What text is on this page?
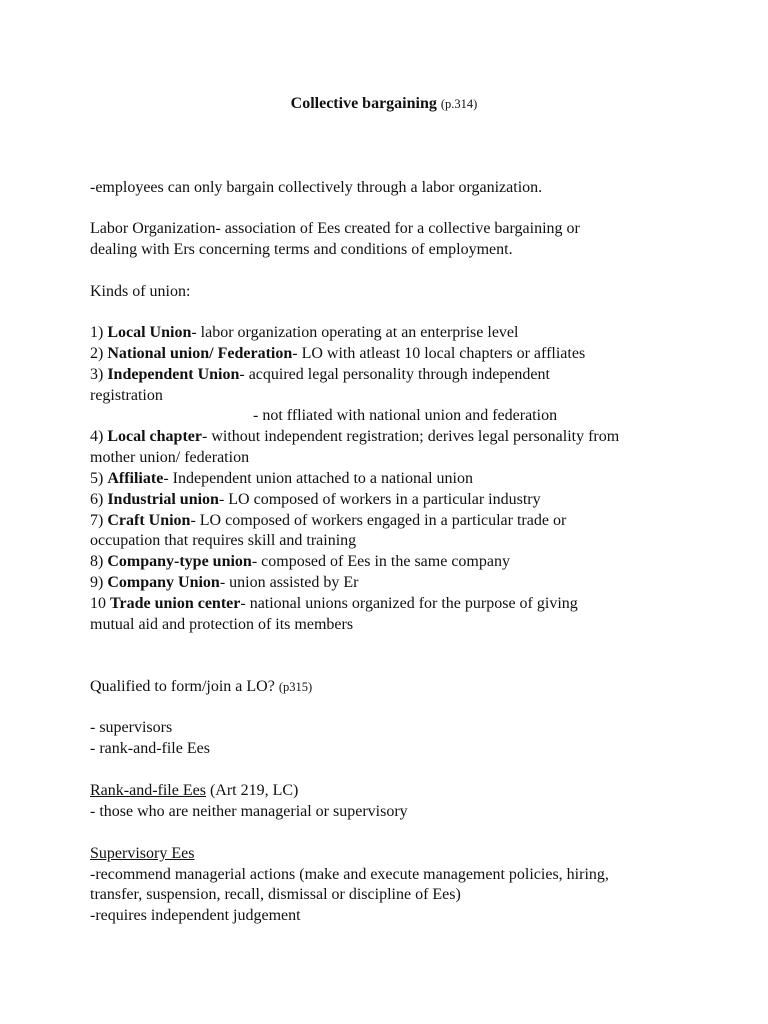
Collective bargaining (p.314)
-employees can only bargain collectively through a labor organization.
Labor Organization- association of Ees created for a collective bargaining or
dealing with Ers concerning terms and conditions of employment.
Kinds of union:
1) Local Union- labor organization operating at an enterprise level
2) National union/ Federation- LO with atleast 10 local chapters or affliates
3) Independent Union- acquired legal personality through independent
registration
- not ffliated with national union and federation
4) Local chapter- without independent registration; derives legal personality from
mother union/ federation
5) Affiliate- Independent union attached to a national union
6) Industrial union- LO composed of workers in a particular industry
7) Craft Union- LO composed of workers engaged in a particular trade or
occupation that requires skill and training
8) Company-type union- composed of Ees in the same company
9) Company Union- union assisted by Er
10 Trade union center- national unions organized for the purpose of giving
mutual aid and protection of its members
Qualified to form/join a LO? (p315)
- supervisors
- rank-and-file Ees
Rank-and-file Ees (Art 219, LC)
- those who are neither managerial or supervisory
Supervisory Ees
-recommend managerial actions (make and execute management policies, hiring,
transfer, suspension, recall, dismissal or discipline of Ees)
-requires independent judgement
